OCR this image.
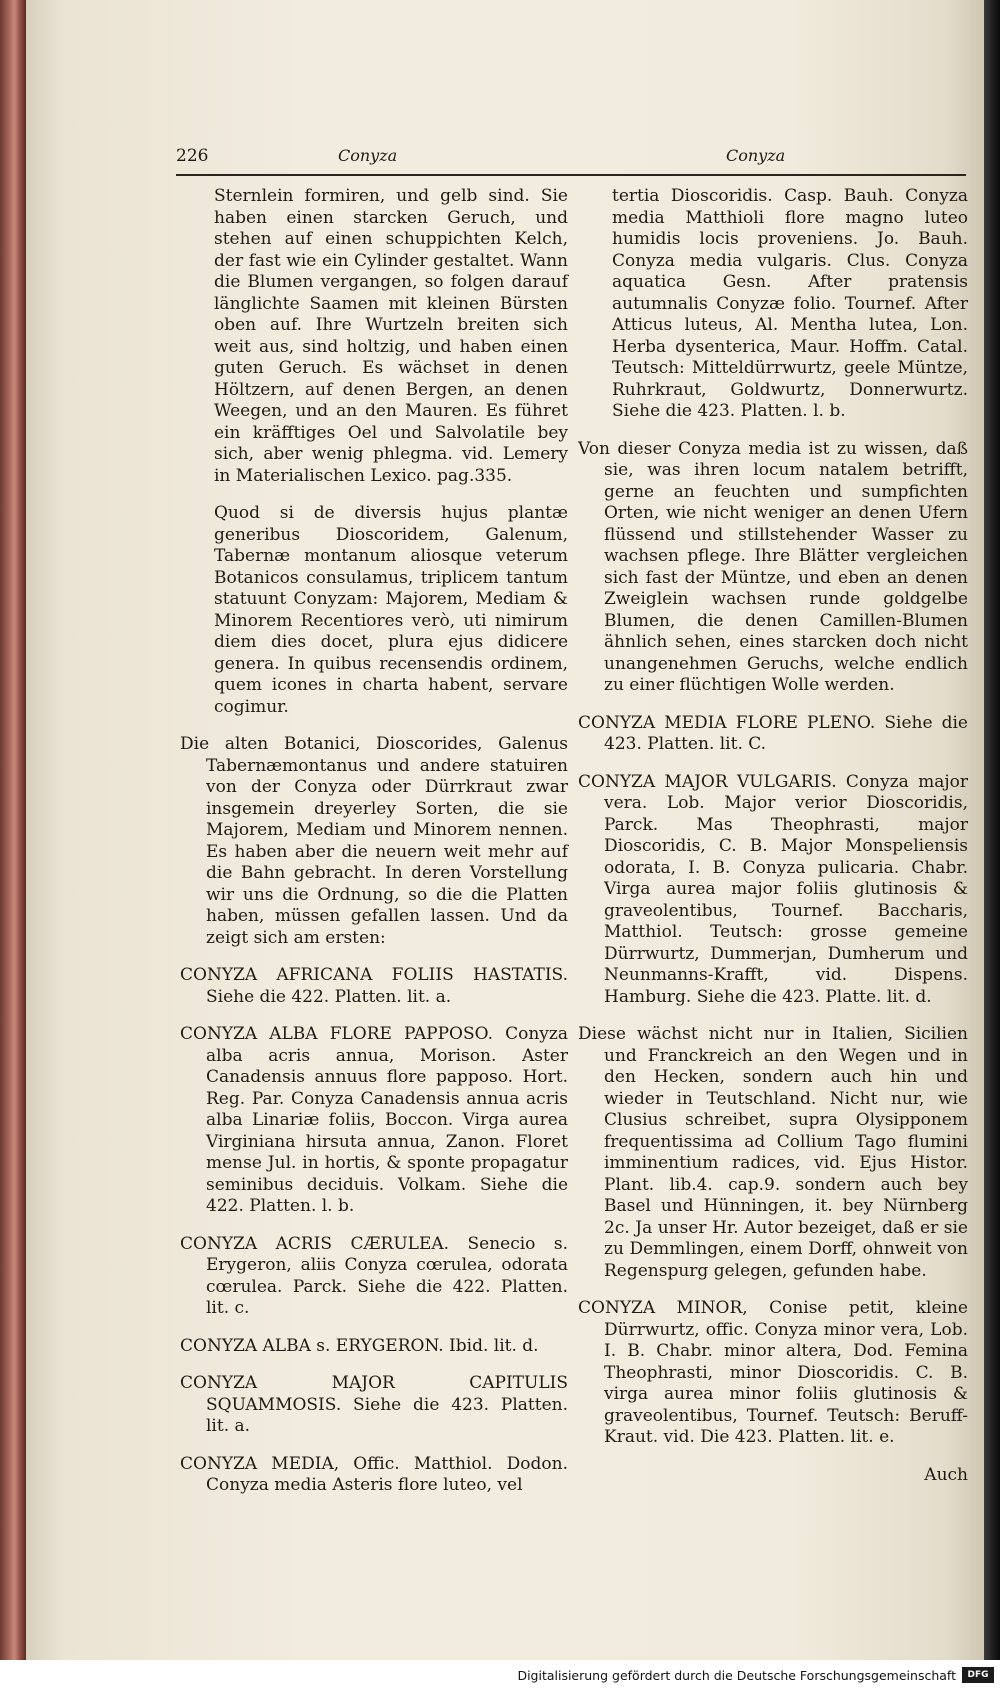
226	Conyza	Conyza

Sternlein formiren, und gelb sind. Sie haben einen starcken Geruch, und stehen auf einen schuppichten Kelch, der fast wie ein Cylinder gestaltet. Wann die Blumen vergangen, so folgen darauf länglichte Saamen mit kleinen Bürsten oben auf. Ihre Wurtzeln breiten sich weit aus, sind holtzig, und haben einen guten Geruch. Es wächset in denen Höltzern, auf denen Bergen, an denen Weegen, und an den Mauren. Es führet ein kräfftiges Oel und Salvolatile bey sich, aber wenig phlegma. vid. Lemery in Materialischen Lexico. pag.335.

Quod si de diversis hujus plantæ generibus Dioscoridem, Galenum, Tabernæ montanum aliosque veterum Botanicos consulamus, triplicem tantum statuunt Conyzam: Majorem, Mediam & Minorem Recentiores verò, uti nimirum diem dies docet, plura ejus didicere genera. In quibus recensendis ordinem, quem icones in charta habent, servare cogimur.

Die alten Botanici, Dioscorides, Galenus Tabernæmontanus und andere statuiren von der Conyza oder Dürrkraut zwar insgemein dreyerley Sorten, die sie Majorem, Mediam und Minorem nennen. Es haben aber die neuern weit mehr auf die Bahn gebracht. In deren Vorstellung wir uns die Ordnung, so die die Platten haben, müssen gefallen lassen. Und da zeigt sich am ersten:

CONYZA AFRICANA FOLIIS HASTATIS. Siehe die 422. Platten. lit. a.

CONYZA ALBA FLORE PAPPOSO. Conyza alba acris annua, Morison. Aster Canadensis annuus flore papposo. Hort. Reg. Par. Conyza Canadensis annua acris alba Linariæ foliis, Boccon. Virga aurea Virginiana hirsuta annua, Zanon. Floret mense Jul. in hortis, & sponte propagatur seminibus deciduis. Volkam. Siehe die 422. Platten. l. b.

CONYZA ACRIS CÆRULEA. Senecio s. Erygeron, aliis Conyza cœrulea, odorata cœrulea. Parck. Siehe die 422. Platten. lit. c.

CONYZA ALBA s. ERYGERON. Ibid. lit. d.

CONYZA MAJOR CAPITULIS SQUAMMOSIS. Siehe die 423. Platten. lit. a.

CONYZA MEDIA, Offic. Matthiol. Dodon. Conyza media Asteris flore luteo, vel

tertia Dioscoridis. Casp. Bauh. Conyza media Matthioli flore magno luteo humidis locis proveniens. Jo. Bauh. Conyza media vulgaris. Clus. Conyza aquatica Gesn. After pratensis autumnalis Conyzæ folio. Tournef. After Atticus luteus, Al. Mentha lutea, Lon. Herba dysenterica, Maur. Hoffm. Catal. Teutsch: Mitteldürrwurtz, geele Müntze, Ruhrkraut, Goldwurtz, Donnerwurtz. Siehe die 423. Platten. l. b.

Von dieser Conyza media ist zu wissen, daß sie, was ihren locum natalem betrifft, gerne an feuchten und sumpfichten Orten, wie nicht weniger an denen Ufern flüssend und stillstehender Wasser zu wachsen pflege. Ihre Blätter vergleichen sich fast der Müntze, und eben an denen Zweiglein wachsen runde goldgelbe Blumen, die denen Camillen-Blumen ähnlich sehen, eines starcken doch nicht unangenehmen Geruchs, welche endlich zu einer flüchtigen Wolle werden.

CONYZA MEDIA FLORE PLENO. Siehe die 423. Platten. lit. C.

CONYZA MAJOR VULGARIS. Conyza major vera. Lob. Major verior Dioscoridis, Parck. Mas Theophrasti, major Dioscoridis, C. B. Major Monspeliensis odorata, I. B. Conyza pulicaria. Chabr. Virga aurea major foliis glutinosis & graveolentibus, Tournef. Baccharis, Matthiol. Teutsch: grosse gemeine Dürrwurtz, Dummerjan, Dumherum und Neunmanns-Krafft, vid. Dispens. Hamburg. Siehe die 423. Platte. lit. d.

Diese wächst nicht nur in Italien, Sicilien und Franckreich an den Wegen und in den Hecken, sondern auch hin und wieder in Teutschland. Nicht nur, wie Clusius schreibet, supra Olysipponem frequentissima ad Collium Tago flumini imminentium radices, vid. Ejus Histor. Plant. lib.4. cap.9. sondern auch bey Basel und Hünningen, it. bey Nürnberg 2c. Ja unser Hr. Autor bezeiget, daß er sie zu Demmlingen, einem Dorff, ohnweit von Regenspurg gelegen, gefunden habe.

CONYZA MINOR, Conise petit, kleine Dürrwurtz, offic. Conyza minor vera, Lob. I. B. Chabr. minor altera, Dod. Femina Theophrasti, minor Dioscoridis. C. B. virga aurea minor foliis glutinosis & graveolentibus, Tournef. Teutsch: Beruff-Kraut. vid. Die 423. Platten. lit. e.

Auch

Digitalisierung gefördert durch die Deutsche Forschungsgemeinschaft	DFG
